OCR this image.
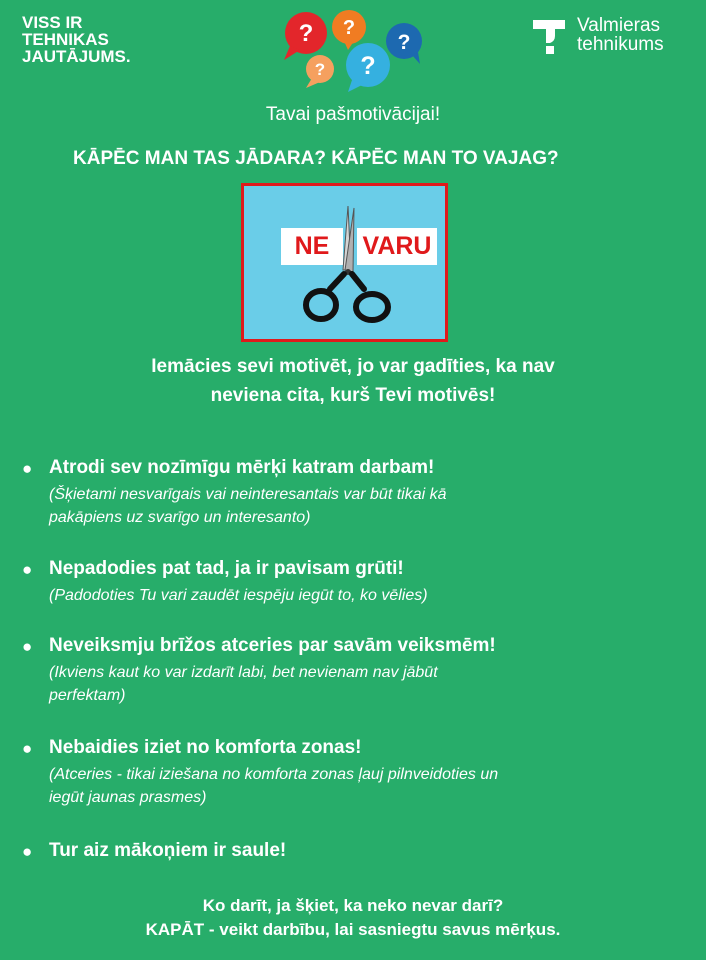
VISS IR
TEHNIKAS
JAUTĀJUMS.
? ?
? ?
?
Valmieras
tehnikums
Tavai pašmotivācijai!
KĀPĒC MAN TAS JĀDARA? KĀPĒC MAN TO VAJAG?
NE	VARU
Iemācies sevi motivēt, jo var gadīties, ka nav
neviena cita, kurš Tevi motivēs!
● Atrodi sev nozīmīgu mērķi katram darbam!
(Šķietami nesvarīgais vai neinteresantais var būt tikai kā
pakāpiens uz svarīgo un interesanto)
● Nepadodies pat tad, ja ir pavisam grūti!
(Padodoties Tu vari zaudēt iespēju iegūt to, ko vēlies)
● Neveiksmju brīžos atceries par savām veiksmēm!
(Ikviens kaut ko var izdarīt labi, bet nevienam nav jābūt
perfektam)
● Nebaidies iziet no komforta zonas!
(Atceries - tikai iziešana no komforta zonas ļauj pilnveidoties un
iegūt jaunas prasmes)
● Tur aiz mākoņiem ir saule!
Ko darīt, ja šķiet, ka neko nevar darī?
KAPĀT - veikt darbību, lai sasniegtu savus mērķus.
